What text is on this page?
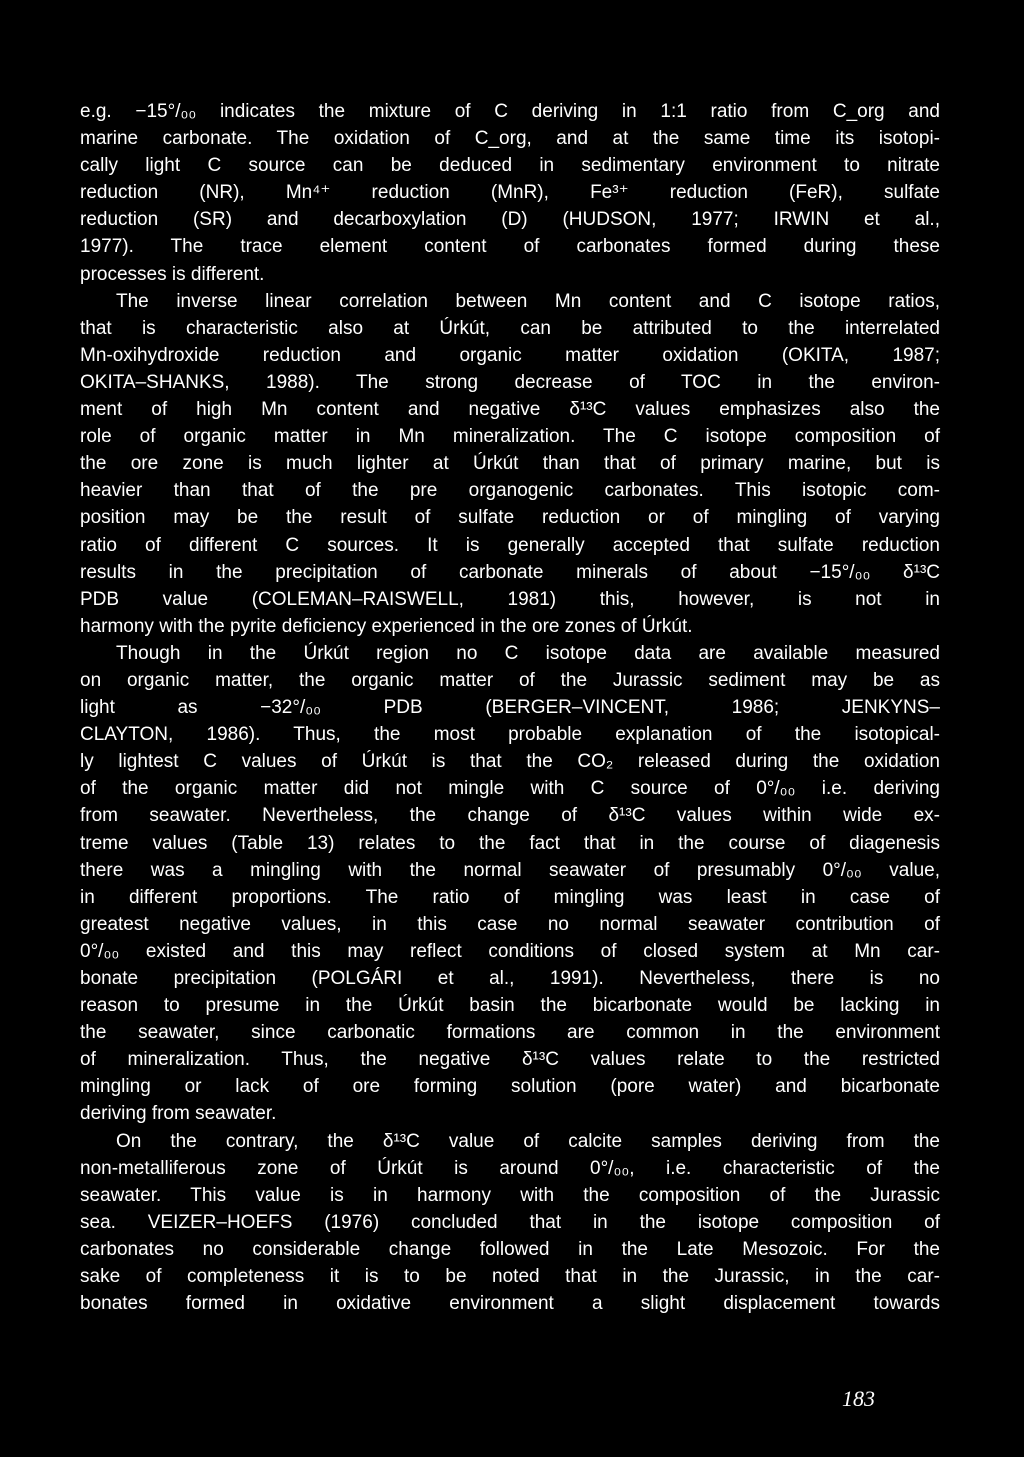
e.g. −15°/₀₀ indicates the mixture of C deriving in 1:1 ratio from C_org and
marine carbonate. The oxidation of C_org, and at the same time its isotopi-
cally light C source can be deduced in sedimentary environment to nitrate
reduction (NR), Mn⁴⁺ reduction (MnR), Fe³⁺ reduction (FeR), sulfate
reduction (SR) and decarboxylation (D) (HUDSON, 1977; IRWIN et al.,
1977). The trace element content of carbonates formed during these
processes is different.
The inverse linear correlation between Mn content and C isotope ratios,
that is characteristic also at Úrkút, can be attributed to the interrelated
Mn-oxihydroxide reduction and organic matter oxidation (OKITA, 1987;
OKITA–SHANKS, 1988). The strong decrease of TOC in the environ-
ment of high Mn content and negative δ¹³C values emphasizes also the
role of organic matter in Mn mineralization. The C isotope composition of
the ore zone is much lighter at Úrkút than that of primary marine, but is
heavier than that of the pre organogenic carbonates. This isotopic com-
position may be the result of sulfate reduction or of mingling of varying
ratio of different C sources. It is generally accepted that sulfate reduction
results in the precipitation of carbonate minerals of about −15°/₀₀ δ¹³C
PDB value (COLEMAN–RAISWELL, 1981) this, however, is not in
harmony with the pyrite deficiency experienced in the ore zones of Úrkút.
Though in the Úrkút region no C isotope data are available measured
on organic matter, the organic matter of the Jurassic sediment may be as
light as −32°/₀₀ PDB (BERGER–VINCENT, 1986; JENKYNS–
CLAYTON, 1986). Thus, the most probable explanation of the isotopical-
ly lightest C values of Úrkút is that the CO₂ released during the oxidation
of the organic matter did not mingle with C source of 0°/₀₀ i.e. deriving
from seawater. Nevertheless, the change of δ¹³C values within wide ex-
treme values (Table 13) relates to the fact that in the course of diagenesis
there was a mingling with the normal seawater of presumably 0°/₀₀ value,
in different proportions. The ratio of mingling was least in case of
greatest negative values, in this case no normal seawater contribution of
0°/₀₀ existed and this may reflect conditions of closed system at Mn car-
bonate precipitation (POLGÁRI et al., 1991). Nevertheless, there is no
reason to presume in the Úrkút basin the bicarbonate would be lacking in
the seawater, since carbonatic formations are common in the environment
of mineralization. Thus, the negative δ¹³C values relate to the restricted
mingling or lack of ore forming solution (pore water) and bicarbonate
deriving from seawater.
On the contrary, the δ¹³C value of calcite samples deriving from the
non-metalliferous zone of Úrkút is around 0°/₀₀, i.e. characteristic of the
seawater. This value is in harmony with the composition of the Jurassic
sea. VEIZER–HOEFS (1976) concluded that in the isotope composition of
carbonates no considerable change followed in the Late Mesozoic. For the
sake of completeness it is to be noted that in the Jurassic, in the car-
bonates formed in oxidative environment a slight displacement towards
183
